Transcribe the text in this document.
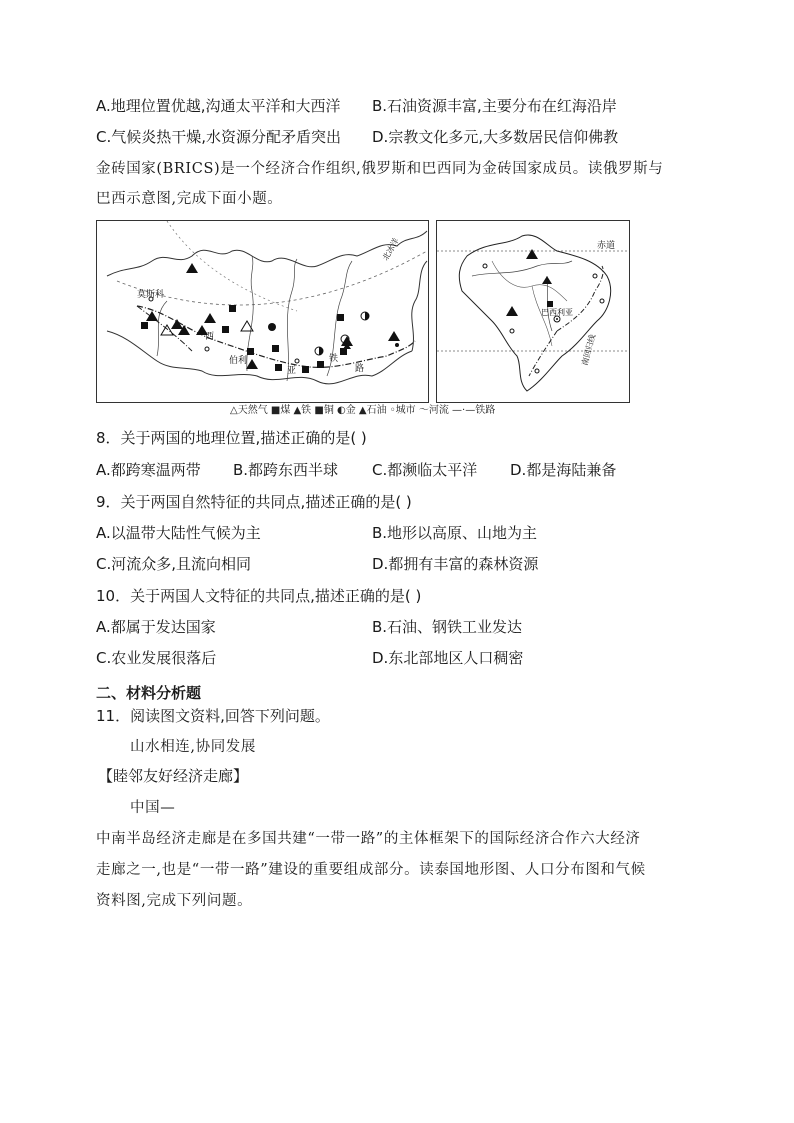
A.地理位置优越,沟通太平洋和大西洋 B.石油资源丰富,主要分布在红海沿岸
C.气候炎热干燥,水资源分配矛盾突出 D.宗教文化多元,大多数居民信仰佛教
金砖国家(BRICS)是一个经济合作组织,俄罗斯和巴西同为金砖国家成员。读俄罗斯与
巴西示意图,完成下面小题。
莫斯科
西
伯利	铁
路
亚
北冰洋	赤道
巴西利亚
南回归线
△天然气 ■煤 ▲铁 ■铜 ◐金 ▲石油 ◦城市 〜河流 —·—铁路
8．关于两国的地理位置,描述正确的是( )
A.都跨寒温两带 B.都跨东西半球 C.都濒临太平洋 D.都是海陆兼备
9．关于两国自然特征的共同点,描述正确的是( )
A.以温带大陆性气候为主	B.地形以高原、山地为主
C.河流众多,且流向相同	D.都拥有丰富的森林资源
10．关于两国人文特征的共同点,描述正确的是( )
A.都属于发达国家	B.石油、钢铁工业发达
C.农业发展很落后	D.东北部地区人口稠密
二、材料分析题
11．阅读图文资料,回答下列问题。
山水相连,协同发展
【睦邻友好经济走廊】
中国—
中南半岛经济走廊是在多国共建“一带一路”的主体框架下的国际经济合作六大经济
走廊之一,也是“一带一路”建设的重要组成部分。读泰国地形图、人口分布图和气候
资料图,完成下列问题。
